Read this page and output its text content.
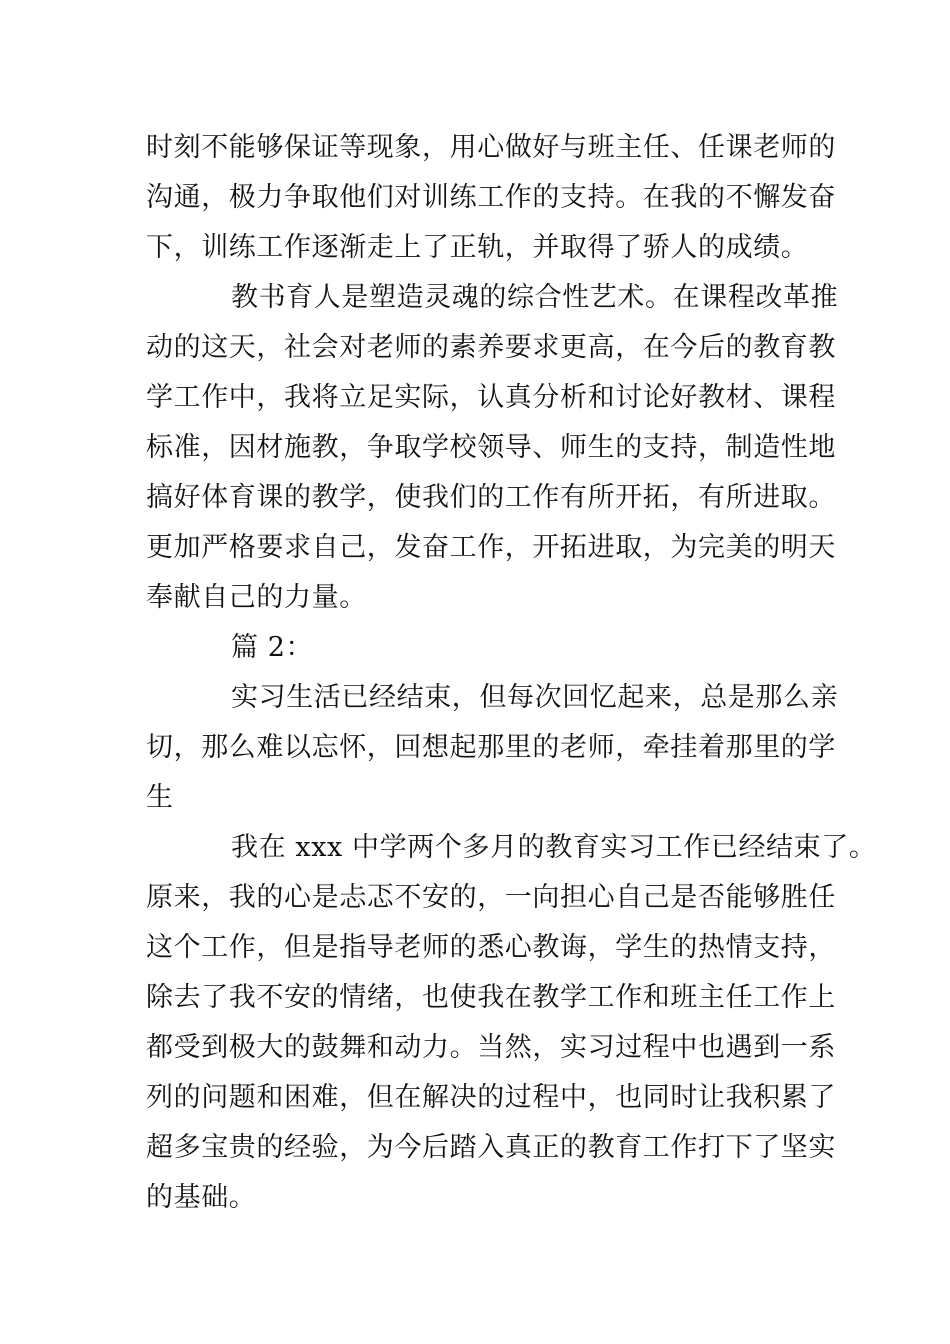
时刻不能够保证等现象，用心做好与班主任、任课老师的
沟通，极力争取他们对训练工作的支持。在我的不懈发奋
下，训练工作逐渐走上了正轨，并取得了骄人的成绩。
教书育人是塑造灵魂的综合性艺术。在课程改革推
动的这天，社会对老师的素养要求更高，在今后的教育教
学工作中，我将立足实际，认真分析和讨论好教材、课程
标准，因材施教，争取学校领导、师生的支持，制造性地
搞好体育课的教学，使我们的工作有所开拓，有所进取。
更加严格要求自己，发奋工作，开拓进取，为完美的明天
奉献自己的力量。
篇 2：
实习生活已经结束，但每次回忆起来，总是那么亲
切，那么难以忘怀，回想起那里的老师，牵挂着那里的学
生
我在 xxx 中学两个多月的教育实习工作已经结束了。
原来，我的心是忐忑不安的，一向担心自己是否能够胜任
这个工作，但是指导老师的悉心教诲，学生的热情支持，
除去了我不安的情绪，也使我在教学工作和班主任工作上
都受到极大的鼓舞和动力。当然，实习过程中也遇到一系
列的问题和困难，但在解决的过程中，也同时让我积累了
超多宝贵的经验，为今后踏入真正的教育工作打下了坚实
的基础。
